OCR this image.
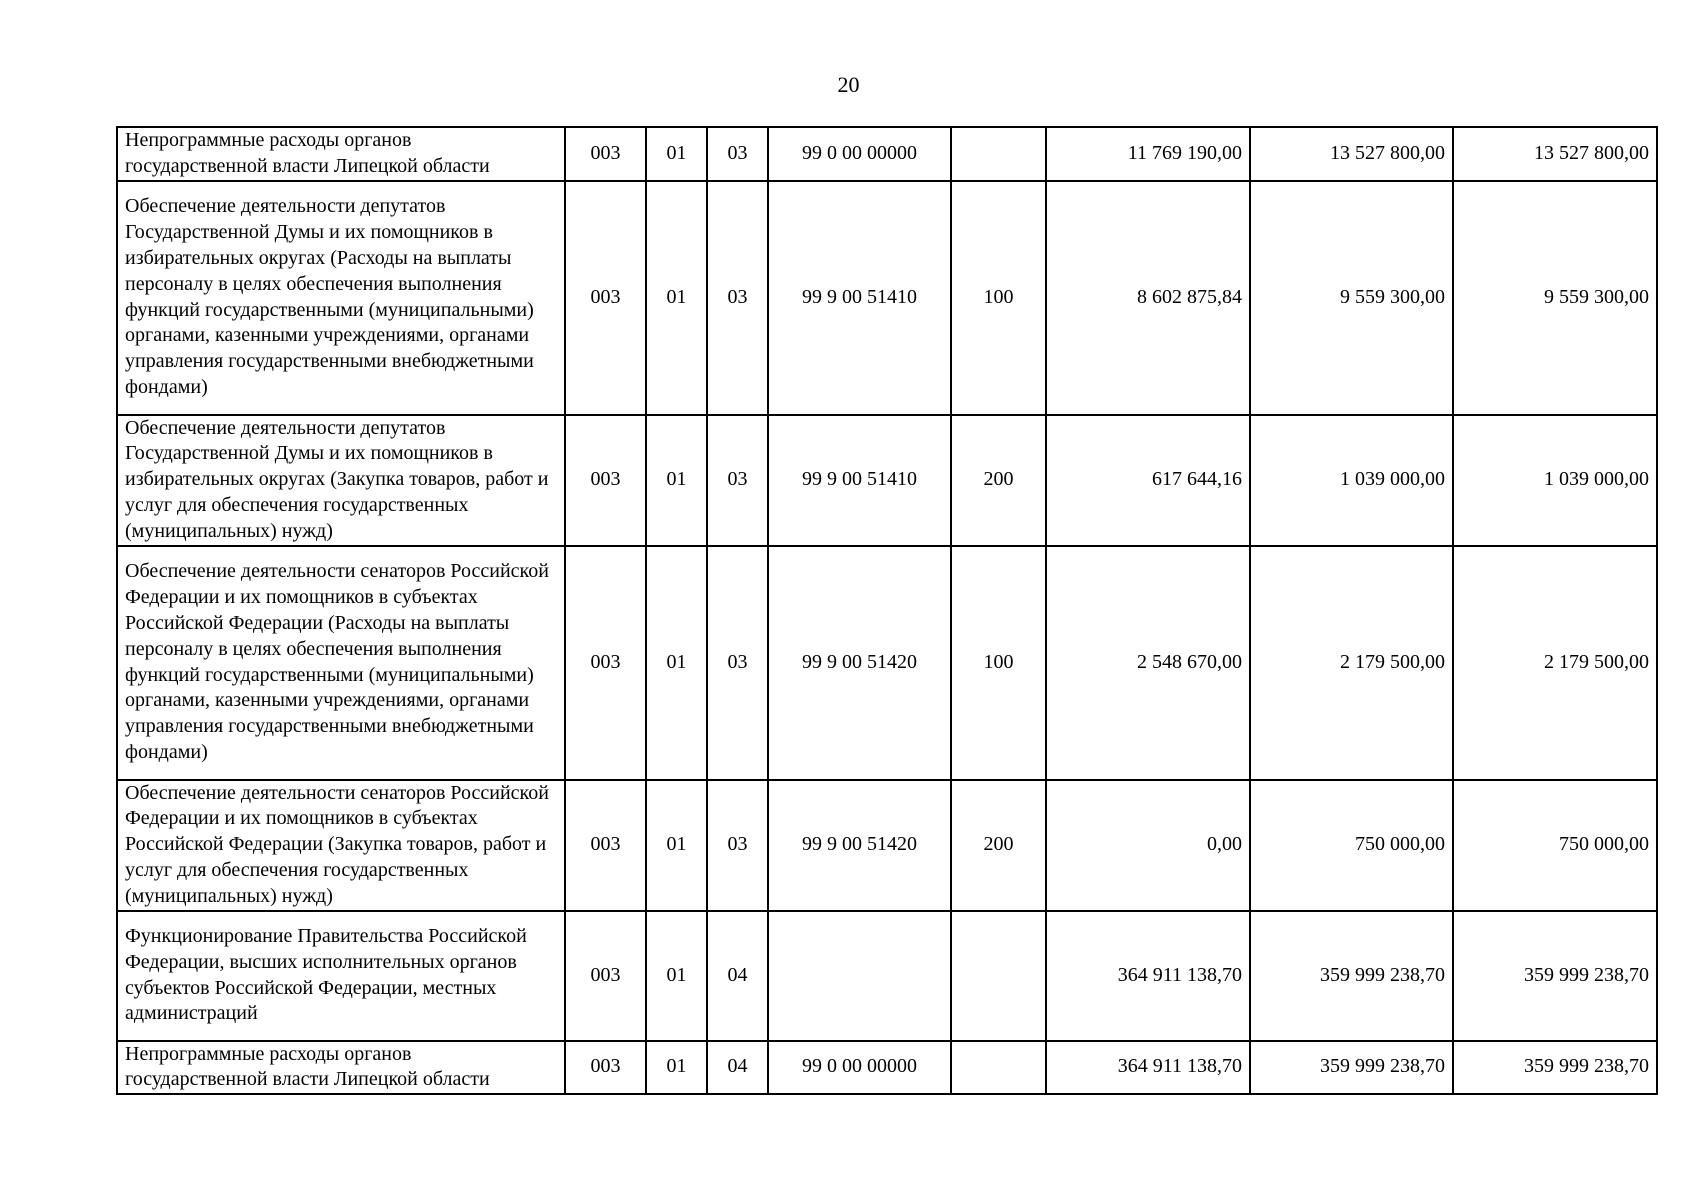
20
Непрограммные расходы органов государственной власти Липецкой области	003	01	03	99 0 00 00000		11 769 190,00	13 527 800,00	13 527 800,00
Обеспечение деятельности депутатов Государственной Думы и их помощников в избирательных округах (Расходы на выплаты персоналу в целях обеспечения выполнения функций государственными (муниципальными) органами, казенными учреждениями, органами управления государственными внебюджетными фондами)	003	01	03	99 9 00 51410	100	8 602 875,84	9 559 300,00	9 559 300,00
Обеспечение деятельности депутатов Государственной Думы и их помощников в избирательных округах (Закупка товаров, работ и услуг для обеспечения государственных (муниципальных) нужд)	003	01	03	99 9 00 51410	200	617 644,16	1 039 000,00	1 039 000,00
Обеспечение деятельности сенаторов Российской Федерации и их помощников в субъектах Российской Федерации (Расходы на выплаты персоналу в целях обеспечения выполнения функций государственными (муниципальными) органами, казенными учреждениями, органами управления государственными внебюджетными фондами)	003	01	03	99 9 00 51420	100	2 548 670,00	2 179 500,00	2 179 500,00
Обеспечение деятельности сенаторов Российской Федерации и их помощников в субъектах Российской Федерации (Закупка товаров, работ и услуг для обеспечения государственных (муниципальных) нужд)	003	01	03	99 9 00 51420	200	0,00	750 000,00	750 000,00
Функционирование Правительства Российской Федерации, высших исполнительных органов субъектов Российской Федерации, местных администраций	003	01	04			364 911 138,70	359 999 238,70	359 999 238,70
Непрограммные расходы органов государственной власти Липецкой области	003	01	04	99 0 00 00000		364 911 138,70	359 999 238,70	359 999 238,70
